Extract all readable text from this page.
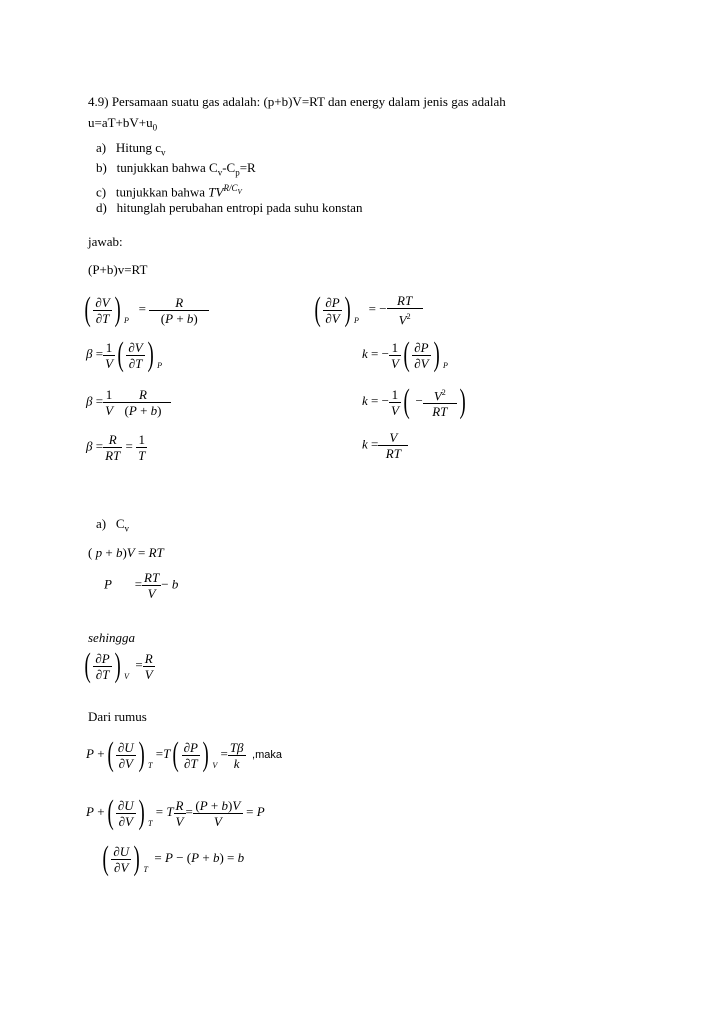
4.9) Persamaan suatu gas adalah: (p+b)V=RT dan energy dalam jenis gas adalah
$u=aT+bV+u_0$
a) Hitung $c_v$
b) tunjukkan bahwa $C_v-C_p=R$
c) tunjukkan bahwa $TV^{R/C_V}$
d) hitunglah perubahan entropi pada suhu konstan
jawab:
(P+b)v=RT
( $\frac{\partial V}{\partial T}$ ) $_P = \frac{R}{(P + b)}$
$\beta = \frac{1}{V}$ ( $\frac{\partial V}{\partial T}$ ) $_P$
$\beta = \frac{1}{V} \frac{R}{(P + b)}$
$\beta = \frac{R}{RT} = \frac{1}{T}$
( $\frac{\partial P}{\partial V}$ ) $_P$   = − $\frac{RT}{V^2}$
k = − $\frac{1}{V}$ ( $\frac{\partial P}{\partial V}$ ) $_P$
k = − $\frac{1}{V}$ ( − $\frac{V^2}{RT}$ )
$k = \frac{V}{RT}$
a) $C_v$
( p + b)V = RT
P       = $\frac{RT}{V} - b$
sehingga
( $\frac{\partial P}{\partial T}$ ) $_V = \frac{R}{V}$
Dari rumus
P +( $\frac{\partial U}{\partial V}$ ) $_T =T( \frac{\partial P}{\partial T}$ ) $_V = \frac{T\beta}{k}$ ,maka
P +( $\frac{\partial U}{\partial V}$ ) $_T$ = T $\frac{R}{V} = \frac{(P + b)V}{V} = P$
( $\frac{\partial U}{\partial V}$ ) $_T$  = P − (P + b) = b
